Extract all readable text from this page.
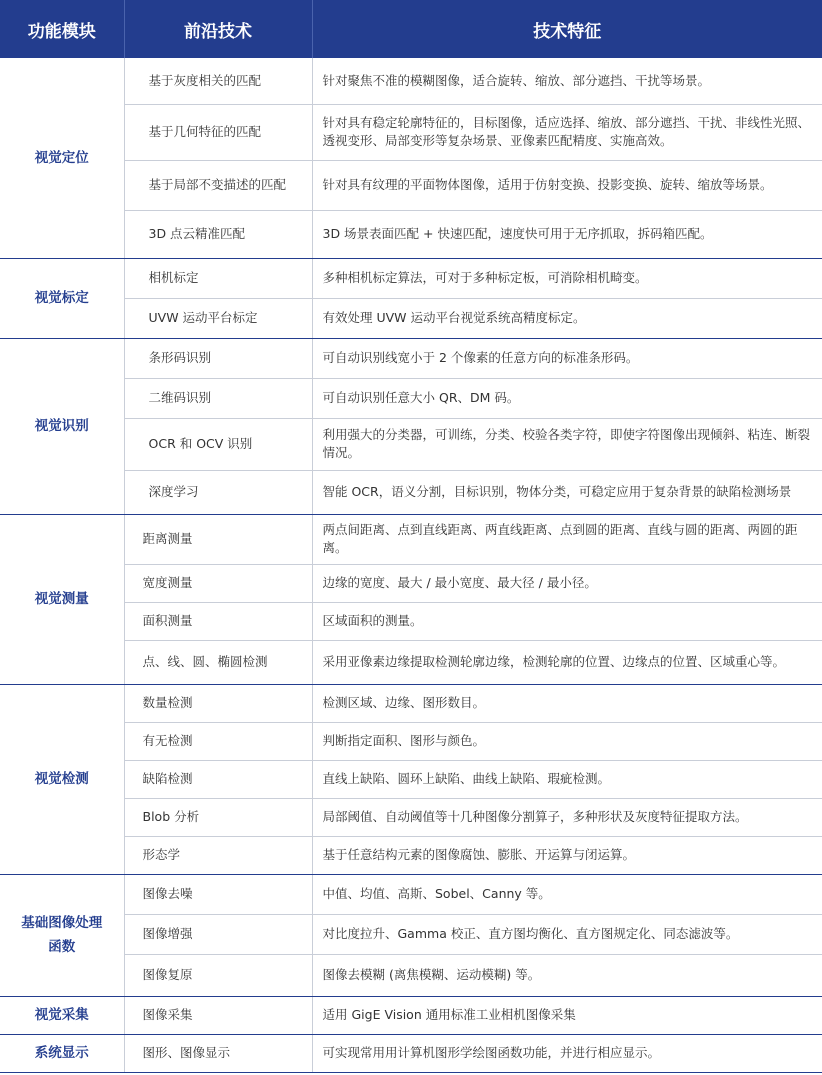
功能模块	前沿技术	技术特征
视觉定位	基于灰度相关的匹配	针对聚焦不准的模糊图像，适合旋转、缩放、部分遮挡、干扰等场景。
	基于几何特征的匹配	针对具有稳定轮廓特征的，目标图像，适应选择、缩放、部分遮挡、干扰、非线性光照、透视变形、局部变形等复杂场景、亚像素匹配精度、实施高效。
	基于局部不变描述的匹配	针对具有纹理的平面物体图像，适用于仿射变换、投影变换、旋转、缩放等场景。
	3D 点云精准匹配	3D 场景表面匹配 + 快速匹配，速度快可用于无序抓取，拆码箱匹配。
视觉标定	相机标定	多种相机标定算法，可对于多种标定板，可消除相机畸变。
	UVW 运动平台标定	有效处理 UVW 运动平台视觉系统高精度标定。
视觉识别	条形码识别	可自动识别线宽小于 2 个像素的任意方向的标准条形码。
	二维码识别	可自动识别任意大小 QR、DM 码。
	OCR 和 OCV 识别	利用强大的分类器，可训练，分类、校验各类字符，即使字符图像出现倾斜、粘连、断裂情况。
	深度学习	智能 OCR，语义分割，目标识别，物体分类，可稳定应用于复杂背景的缺陷检测场景
视觉测量	距离测量	两点间距离、点到直线距离、两直线距离、点到圆的距离、直线与圆的距离、两圆的距离。
	宽度测量	边缘的宽度、最大 / 最小宽度、最大径 / 最小径。
	面积测量	区域面积的测量。
	点、线、圆、椭圆检测	采用亚像素边缘提取检测轮廓边缘，检测轮廓的位置、边缘点的位置、区域重心等。
视觉检测	数量检测	检测区域、边缘、图形数目。
	有无检测	判断指定面积、图形与颜色。
	缺陷检测	直线上缺陷、圆环上缺陷、曲线上缺陷、瑕疵检测。
	Blob 分析	局部阈值、自动阈值等十几种图像分割算子，多种形状及灰度特征提取方法。
	形态学	基于任意结构元素的图像腐蚀、膨胀、开运算与闭运算。
基础图像处理函数	图像去噪	中值、均值、高斯、Sobel、Canny 等。
	图像增强	对比度拉升、Gamma 校正、直方图均衡化、直方图规定化、同态滤波等。
	图像复原	图像去模糊 (离焦模糊、运动模糊) 等。
视觉采集	图像采集	适用 GigE Vision 通用标准工业相机图像采集
系统显示	图形、图像显示	可实现常用用计算机图形学绘图函数功能，并进行相应显示。
